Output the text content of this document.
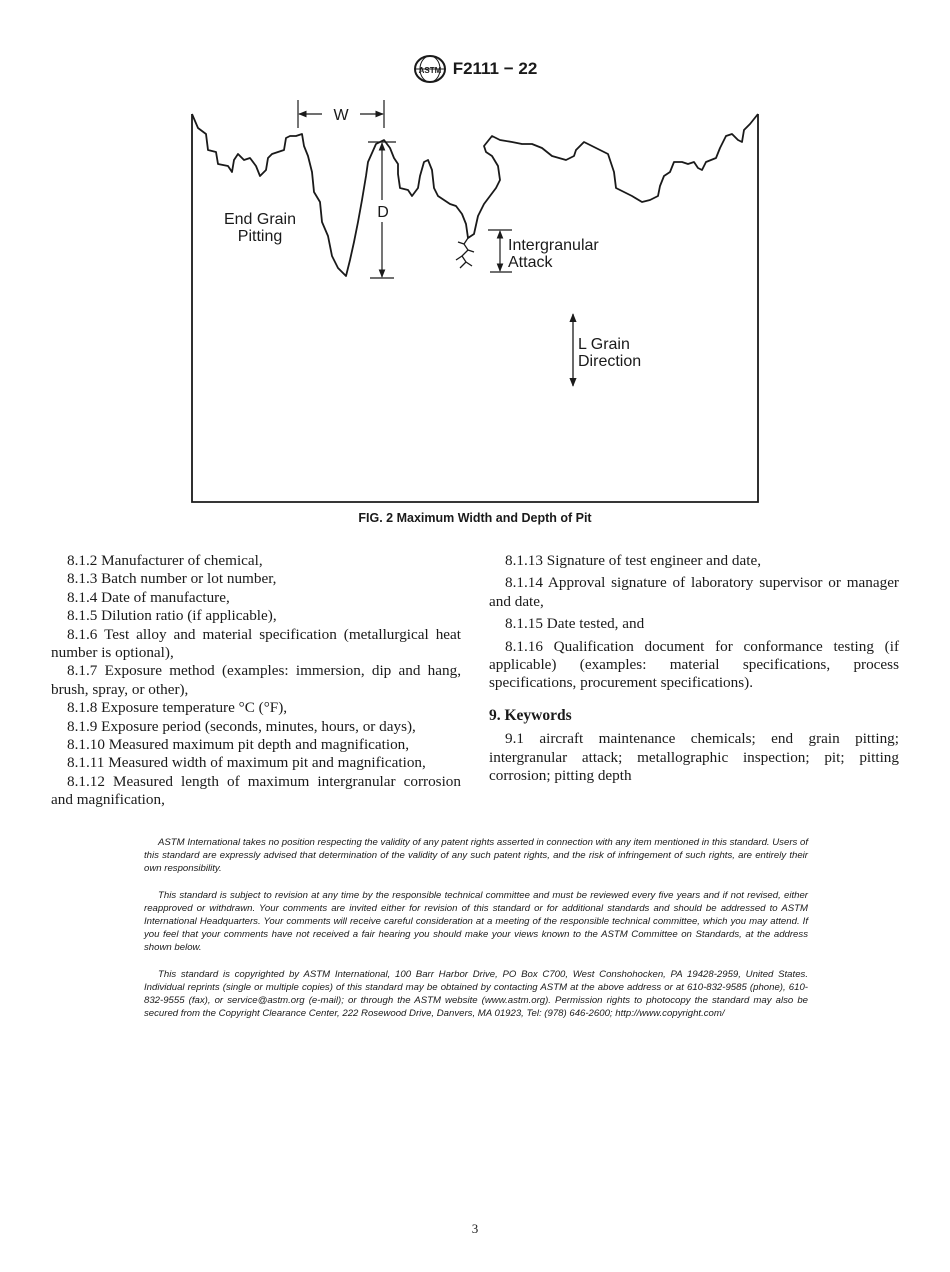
ASTM F2111 − 22
W
D
End Grain
Pitting
Intergranular
Attack
L Grain
Direction
FIG. 2 Maximum Width and Depth of Pit

8.1.2 Manufacturer of chemical,

8.1.3 Batch number or lot number,

8.1.4 Date of manufacture,

8.1.5 Dilution ratio (if applicable),

8.1.6 Test alloy and material specification (metallurgical heat number is optional),

8.1.7 Exposure method (examples: immersion, dip and hang, brush, spray, or other),

8.1.8 Exposure temperature °C (°F),

8.1.9 Exposure period (seconds, minutes, hours, or days),

8.1.10 Measured maximum pit depth and magnification,

8.1.11 Measured width of maximum pit and magnification,

8.1.12 Measured length of maximum intergranular corrosion and magnification,

8.1.13 Signature of test engineer and date,

8.1.14 Approval signature of laboratory supervisor or manager and date,

8.1.15 Date tested, and

8.1.16 Qualification document for conformance testing (if applicable) (examples: material specifications, process specifications, procurement specifications).

9. Keywords

9.1 aircraft maintenance chemicals; end grain pitting; intergranular attack; metallographic inspection; pit; pitting corrosion; pitting depth

ASTM International takes no position respecting the validity of any patent rights asserted in connection with any item mentioned in this standard. Users of this standard are expressly advised that determination of the validity of any such patent rights, and the risk of infringement of such rights, are entirely their own responsibility.

This standard is subject to revision at any time by the responsible technical committee and must be reviewed every five years and if not revised, either reapproved or withdrawn. Your comments are invited either for revision of this standard or for additional standards and should be addressed to ASTM International Headquarters. Your comments will receive careful consideration at a meeting of the responsible technical committee, which you may attend. If you feel that your comments have not received a fair hearing you should make your views known to the ASTM Committee on Standards, at the address shown below.

This standard is copyrighted by ASTM International, 100 Barr Harbor Drive, PO Box C700, West Conshohocken, PA 19428-2959, United States. Individual reprints (single or multiple copies) of this standard may be obtained by contacting ASTM at the above address or at 610-832-9585 (phone), 610-832-9555 (fax), or service@astm.org (e-mail); or through the ASTM website (www.astm.org). Permission rights to photocopy the standard may also be secured from the Copyright Clearance Center, 222 Rosewood Drive, Danvers, MA 01923, Tel: (978) 646-2600; http://www.copyright.com/

3
